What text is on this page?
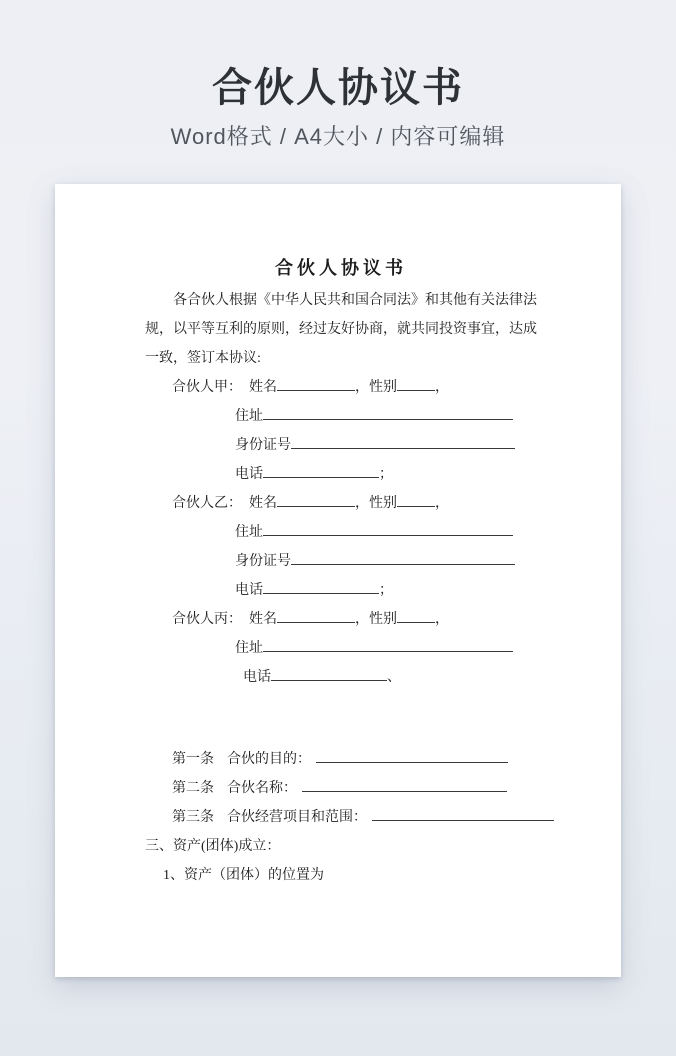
合伙人协议书

Word格式 / A4大小 / 内容可编辑

合伙人协议书

各合伙人根据《中华人民共和国合同法》和其他有关法律法规，以平等互利的原则，经过友好协商，就共同投资事宜，达成一致，签订本协议:

合伙人甲： 姓名	，性别	，
住址
身份证号
电话	；
合伙人乙： 姓名	，性别	，
住址
身份证号
电话	；
合伙人丙： 姓名	，性别	，
住址
电话	、
第一条 合伙的目的：
第二条 合伙名称：
第三条 合伙经营项目和范围：
三、资产(团体)成立：
1、资产（团体）的位置为
